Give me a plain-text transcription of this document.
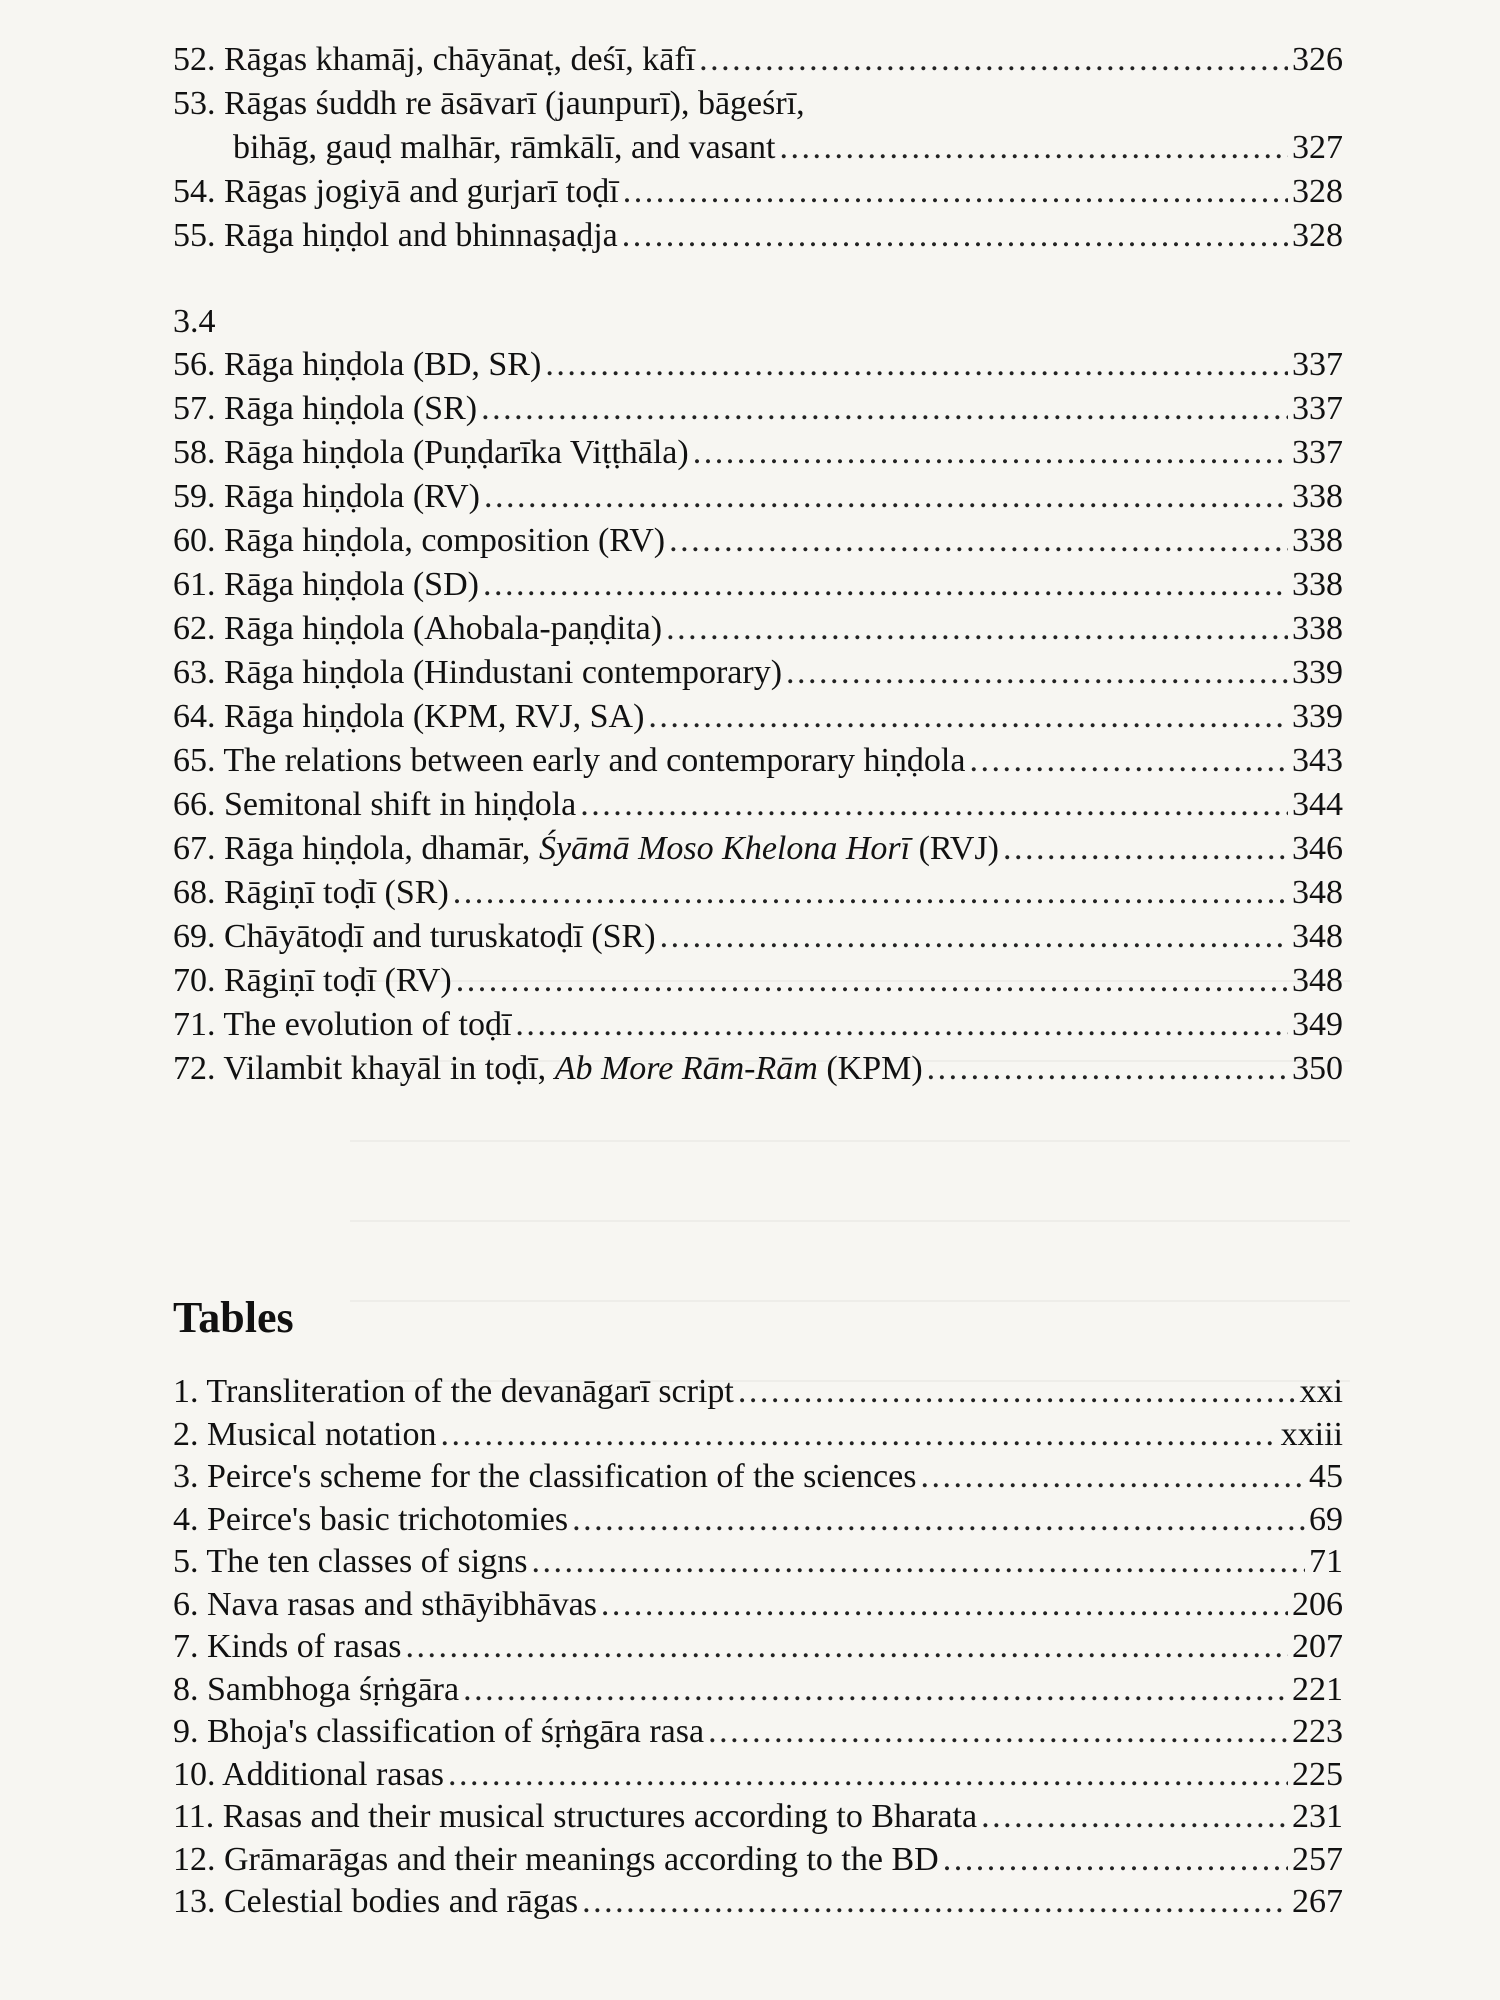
3.4
Tables
52. Rāgas khamāj, chāyānaṭ, deśī, kāfī . . .	326
53. Rāgas śuddh re āsāvarī (jaunpurī), bāgeśrī,
bihāg, gauḍ malhār, rāmkālī, and vasant . . .	327
54. Rāgas jogiyā and gurjarī toḍī . . .	328
55. Rāga hiṇḍol and bhinnaṣaḍja . . .	328
56. Rāga hiṇḍola (BD, SR) . . .	337
57. Rāga hiṇḍola (SR) . . .	337
58. Rāga hiṇḍola (Puṇḍarīka Viṭṭhāla) . . .	337
59. Rāga hiṇḍola (RV) . . .	338
60. Rāga hiṇḍola, composition (RV) . . .	338
61. Rāga hiṇḍola (SD) . . .	338
62. Rāga hiṇḍola (Ahobala-paṇḍita) . . .	338
63. Rāga hiṇḍola (Hindustani contemporary) . . .	339
64. Rāga hiṇḍola (KPM, RVJ, SA) . . .	339
65. The relations between early and contemporary hiṇḍola . . .	343
66. Semitonal shift in hiṇḍola . . .	344
67. Rāga hiṇḍola, dhamār, Śyāmā Moso Khelona Horī (RVJ) . . .	346
68. Rāgiṇī toḍī (SR) . . .	348
69. Chāyātoḍī and turuskatoḍī (SR) . . .	348
70. Rāgiṇī toḍī (RV) . . .	348
71. The evolution of toḍī . . .	349
72. Vilambit khayāl in toḍī, Ab More Rām-Rām (KPM) . . .	350
1. Transliteration of the devanāgarī script . . .	xxi
2. Musical notation . . .	xxiii
3. Peirce's scheme for the classification of the sciences . . .	45
4. Peirce's basic trichotomies . . .	69
5. The ten classes of signs . . .	71
6. Nava rasas and sthāyibhāvas . . .	206
7. Kinds of rasas . . .	207
8. Sambhoga śṛṅgāra . . .	221
9. Bhoja's classification of śṛṅgāra rasa . . .	223
10. Additional rasas . . .	225
11. Rasas and their musical structures according to Bharata . . .	231
12. Grāmarāgas and their meanings according to the BD . . .	257
13. Celestial bodies and rāgas . . .	267
